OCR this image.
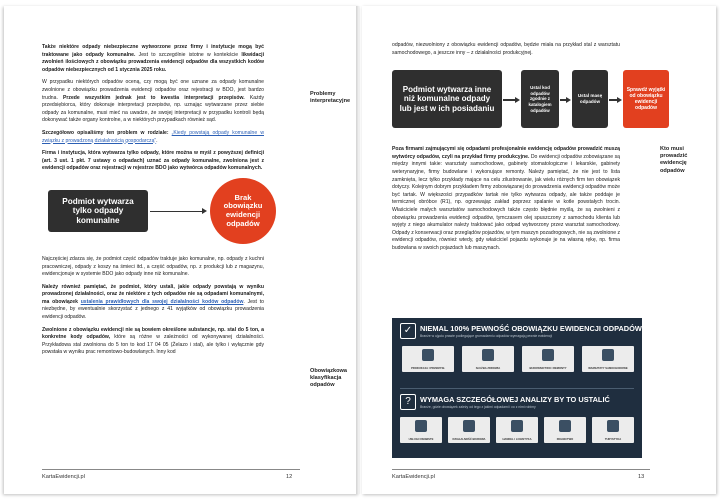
Także niektóre odpady niebezpieczne wytworzone przez firmy i instytucje mogą być traktowane jako odpady komunalne. Jest to szczególnie istotne w kontekście likwidacji zwolnień ilościowych z obowiązku prowadzenia ewidencji odpadów dla wszystkich kodów odpadów niebezpiecznych od 1 stycznia 2025 roku.

W przypadku niektórych odpadów oceną, czy mogą być one uznane za odpady komunalne zwolnione z obowiązku prowadzenia ewidencji odpadów oraz rejestracji w BDO, jest bardzo trudna. Przede wszystkim jednak jest to kwestia interpretacji przepisów. Każdy przedsiębiorca, który dokonuje interpretacji przepisów, np. uznając wytwarzane przez siebie odpady za komunalne, musi mieć na uwadze, że swojej interpretacji w przypadku kontroli będą dokonywać także organy kontrolne, a w niektórych przypadkach również sąd.

Szczegółowo opisaliśmy ten problem w rodziale: „Kiedy powstają odpady komunalne w związku z prowadzoną działalnością gospodarczą”.

Firma i instytucja, która wytwarza tylko odpady, które można w myśl z powyższej definicji (art. 3 ust. 1 pkt. 7 ustawy o odpadach) uznać za odpady komunalne, zwolniona jest z ewidencji odpadów oraz rejestracji w rejestrze BDO jako wytwórca odpadów komunalnych.

Podmiot wytwarza tylko odpady komunalne
Brak obowiązku ewidencji odpadów

Najczęściej zdarza się, że podmiot część odpadów traktuje jako komunalne, np. odpady z kuchni pracowniczej, odpady z koszy na śmieci itd., a część odpadów, np. z produkcji lub z magazynu, ewidencjonuje w systemie BDO jako odpady inne niż komunalne.

Należy również pamiętać, że podmiot, który ustali, jakie odpady powstają w wyniku prowadzonej działalności, oraz że niektóre z tych odpadów nie są odpadami komunalnymi, ma obowiązek ustalenia prawidłowych dla swojej działalności kodów odpadów. Jest to niezbędne, by ewentualnie skorzystać z jednego z 41 wyjątków od obowiązku prowadzenia ewidencji odpadów.

Zwolnione z obowiązku ewidencji nie są bowiem określone substancje, np. stal do 5 ton, a konkretne kody odpadów, które są różne w zależności od wykonywanej działalności. Przykładowa stal zwolniona do 5 ton to kod 17 04 05 (Żelazo i stal), ale tylko i wyłącznie gdy powstała w wyniku prac remontowo-budowlanych. Inny kod

Problemy interpretacyjne
Obowiązkowa klasyfikacja odpadów
KartaEwidencji.pl	12

odpadów, niezwolniony z obowiązku ewidencji odpadów, będzie miała na przykład stal z warsztatu samochodowego, a jeszcze inny – z działalności produkcyjnej.

Podmiot wytwarza inne niż komunalne odpady lub jest w ich posiadaniu
Ustal kod odpadów zgodnie z katalogiem odpadów
Ustal masę odpadów
Sprawdź wyjątki od obowiązku ewidencji odpadów

Poza firmami zajmującymi się odpadami profesjonalnie ewidencję odpadów prowadzić muszą wytwórcy odpadów, czyli na przykład firmy produkcyjne. Do ewidencji odpadów zobowiązane są między innymi takie: warsztaty samochodowe, gabinety stomatologiczne i lekarskie, gabinety weterynaryjne, firmy budowlane i wykonujące remonty. Należy pamiętać, że nie jest to lista zamknięta, lecz tylko przykłady mające na celu zilustrowanie, jak wielu różnych firm ten obowiązek dotyczy. Kolejnym dobrym przykładem firmy zobowiązanej do prowadzenia ewidencji odpadów może być tartak. W większości przypadków tartak nie tylko wytwarza odpady, ale także poddaje je termicznej obróbce (R1), np. ogrzewając zakład poprzez spalanie w kotle powstałych trocin. Właściciele małych warsztatów samochodowych także często błędnie myślą, że są zwolnieni z obowiązku prowadzenia ewidencji odpadów, tymczasem olej spuszczony z samochodu klienta lub wyjęty z niego akumulator należy traktować jako odpad wytworzony przez warsztat samochodowy. Odpady z konserwacji oraz przeglądów pojazdów, w tym maszyn pozadrogowych, nie są zwolnione z ewidencji odpadów, również wtedy, gdy właściciel pojazdu wykonuje je na własną rękę, np. firma budowlana w swoich pojazdach lub maszynach.

Kto musi prowadzić ewidencję odpadów
NIEMAL 100% PEWNOŚĆ OBOWIĄZKU EWIDENCJI ODPADÓW
Branże w ujęciu prawie podlegające gromadzeniu odpadów wymagają pewnie ewidencji
✓
PRODUKCJA I PRZEMYSŁ	SŁUŻBA ZDROWIA	BUDOWNICTWO I REMONTY	WARSZTATY SAMOCHODOWE
?	WYMAGA SZCZEGÓŁOWEJ ANALIZY BY TO USTALIĆ
Branże, gdzie obowiązek zależy od tego z jakimi odpadami i co z nimi robimy
USŁUGI OSOBISTE	DZIAŁALNOŚĆ BIUROWA	HANDEL I LOGISTYKA	ROLNICTWO	TURYSTYKA
KartaEwidencji.pl	13
